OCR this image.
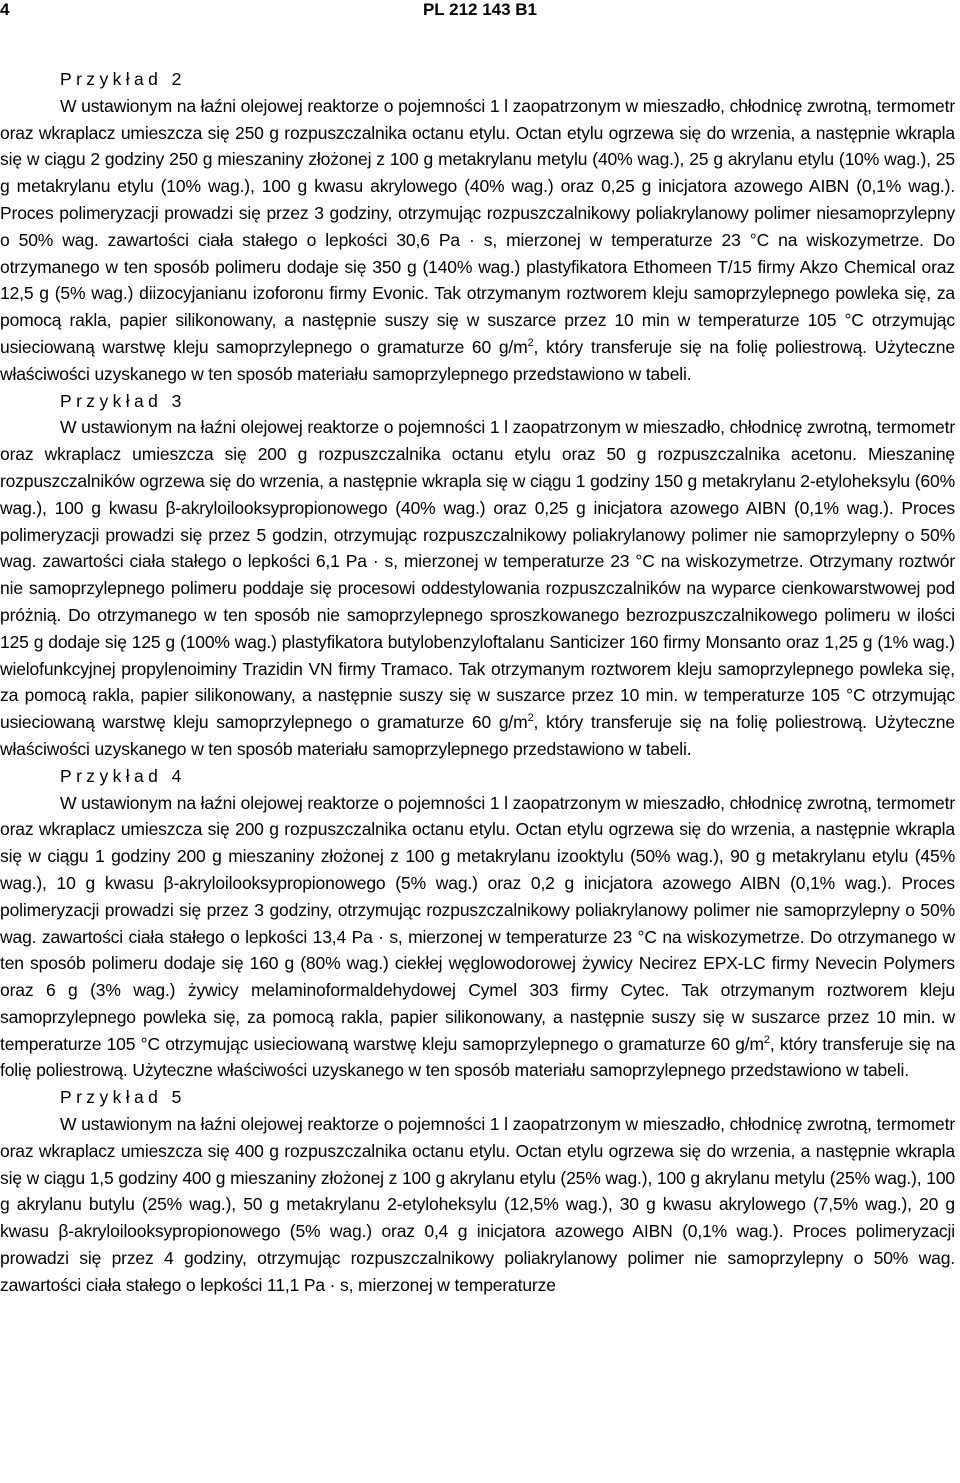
4	PL 212 143 B1
Przykład 2

W ustawionym na łaźni olejowej reaktorze o pojemności 1 l zaopatrzonym w mieszadło, chłodnicę zwrotną, termometr oraz wkraplacz umieszcza się 250 g rozpuszczalnika octanu etylu. Octan etylu ogrzewa się do wrzenia, a następnie wkrapla się w ciągu 2 godziny 250 g mieszaniny złożonej z 100 g metakrylanu metylu (40% wag.), 25 g akrylanu etylu (10% wag.), 25 g metakrylanu etylu (10% wag.), 100 g kwasu akrylowego (40% wag.) oraz 0,25 g inicjatora azowego AIBN (0,1% wag.). Proces polimeryzacji prowadzi się przez 3 godziny, otrzymując rozpuszczalnikowy poliakrylanowy polimer niesamoprzylepny o 50% wag. zawartości ciała stałego o lepkości 30,6 Pa · s, mierzonej w temperaturze 23 °C na wiskozymetrze. Do otrzymanego w ten sposób polimeru dodaje się 350 g (140% wag.) plastyfikatora Ethomeen T/15 firmy Akzo Chemical oraz 12,5 g (5% wag.) diizocyjanianu izoforonu firmy Evonic. Tak otrzymanym roztworem kleju samoprzylepnego powleka się, za pomocą rakla, papier silikonowany, a następnie suszy się w suszarce przez 10 min w temperaturze 105 °C otrzymując usieciowaną warstwę kleju samoprzylepnego o gramaturze 60 $g/m^2$, który transferuje się na folię poliestrową. Użyteczne właściwości uzyskanego w ten sposób materiału samoprzylepnego przedstawiono w tabeli.

Przykład 3

W ustawionym na łaźni olejowej reaktorze o pojemności 1 l zaopatrzonym w mieszadło, chłodnicę zwrotną, termometr oraz wkraplacz umieszcza się 200 g rozpuszczalnika octanu etylu oraz 50 g rozpuszczalnika acetonu. Mieszaninę rozpuszczalników ogrzewa się do wrzenia, a następnie wkrapla się w ciągu 1 godziny 150 g metakrylanu 2-etyloheksylu (60% wag.), 100 g kwasu β-akryloilooksypropionowego (40% wag.) oraz 0,25 g inicjatora azowego AIBN (0,1% wag.). Proces polimeryzacji prowadzi się przez 5 godzin, otrzymując rozpuszczalnikowy poliakrylanowy polimer nie samoprzylepny o 50% wag. zawartości ciała stałego o lepkości 6,1 Pa · s, mierzonej w temperaturze 23 °C na wiskozymetrze. Otrzymany roztwór nie samoprzylepnego polimeru poddaje się procesowi oddestylowania rozpuszczalników na wyparce cienkowarstwowej pod próżnią. Do otrzymanego w ten sposób nie samoprzylepnego sproszkowanego bezrozpuszczalnikowego polimeru w ilości 125 g dodaje się 125 g (100% wag.) plastyfikatora butylobenzyloftalanu Santicizer 160 firmy Monsanto oraz 1,25 g (1% wag.) wielofunkcyjnej propylenoiminy Trazidin VN firmy Tramaco. Tak otrzymanym roztworem kleju samoprzylepnego powleka się, za pomocą rakla, papier silikonowany, a następnie suszy się w suszarce przez 10 min. w temperaturze 105 °C otrzymując usieciowaną warstwę kleju samoprzylepnego o gramaturze 60 $g/m^2$, który transferuje się na folię poliestrową. Użyteczne właściwości uzyskanego w ten sposób materiału samoprzylepnego przedstawiono w tabeli.

Przykład 4

W ustawionym na łaźni olejowej reaktorze o pojemności 1 l zaopatrzonym w mieszadło, chłodnicę zwrotną, termometr oraz wkraplacz umieszcza się 200 g rozpuszczalnika octanu etylu. Octan etylu ogrzewa się do wrzenia, a następnie wkrapla się w ciągu 1 godziny 200 g mieszaniny złożonej z 100 g metakrylanu izooktylu (50% wag.), 90 g metakrylanu etylu (45% wag.), 10 g kwasu β-akryloilooksypropionowego (5% wag.) oraz 0,2 g inicjatora azowego AIBN (0,1% wag.). Proces polimeryzacji prowadzi się przez 3 godziny, otrzymując rozpuszczalnikowy poliakrylanowy polimer nie samoprzylepny o 50% wag. zawartości ciała stałego o lepkości 13,4 Pa · s, mierzonej w temperaturze 23 °C na wiskozymetrze. Do otrzymanego w ten sposób polimeru dodaje się 160 g (80% wag.) ciekłej węglowodorowej żywicy Necirez EPX-LC firmy Nevecin Polymers oraz 6 g (3% wag.) żywicy melaminoformaldehydowej Cymel 303 firmy Cytec. Tak otrzymanym roztworem kleju samoprzylepnego powleka się, za pomocą rakla, papier silikonowany, a następnie suszy się w suszarce przez 10 min. w temperaturze 105 °C otrzymując usieciowaną warstwę kleju samoprzylepnego o gramaturze 60 $g/m^2$, który transferuje się na folię poliestrową. Użyteczne właściwości uzyskanego w ten sposób materiału samoprzylepnego przedstawiono w tabeli.

Przykład 5

W ustawionym na łaźni olejowej reaktorze o pojemności 1 l zaopatrzonym w mieszadło, chłodnicę zwrotną, termometr oraz wkraplacz umieszcza się 400 g rozpuszczalnika octanu etylu. Octan etylu ogrzewa się do wrzenia, a następnie wkrapla się w ciągu 1,5 godziny 400 g mieszaniny złożonej z 100 g akrylanu etylu (25% wag.), 100 g akrylanu metylu (25% wag.), 100 g akrylanu butylu (25% wag.), 50 g metakrylanu 2-etyloheksylu (12,5% wag.), 30 g kwasu akrylowego (7,5% wag.), 20 g kwasu β-akryloilooksypropionowego (5% wag.) oraz 0,4 g inicjatora azowego AIBN (0,1% wag.). Proces polimeryzacji prowadzi się przez 4 godziny, otrzymując rozpuszczalnikowy poliakrylanowy polimer nie samoprzylepny o 50% wag. zawartości ciała stałego o lepkości 11,1 Pa · s, mierzonej w temperaturze
